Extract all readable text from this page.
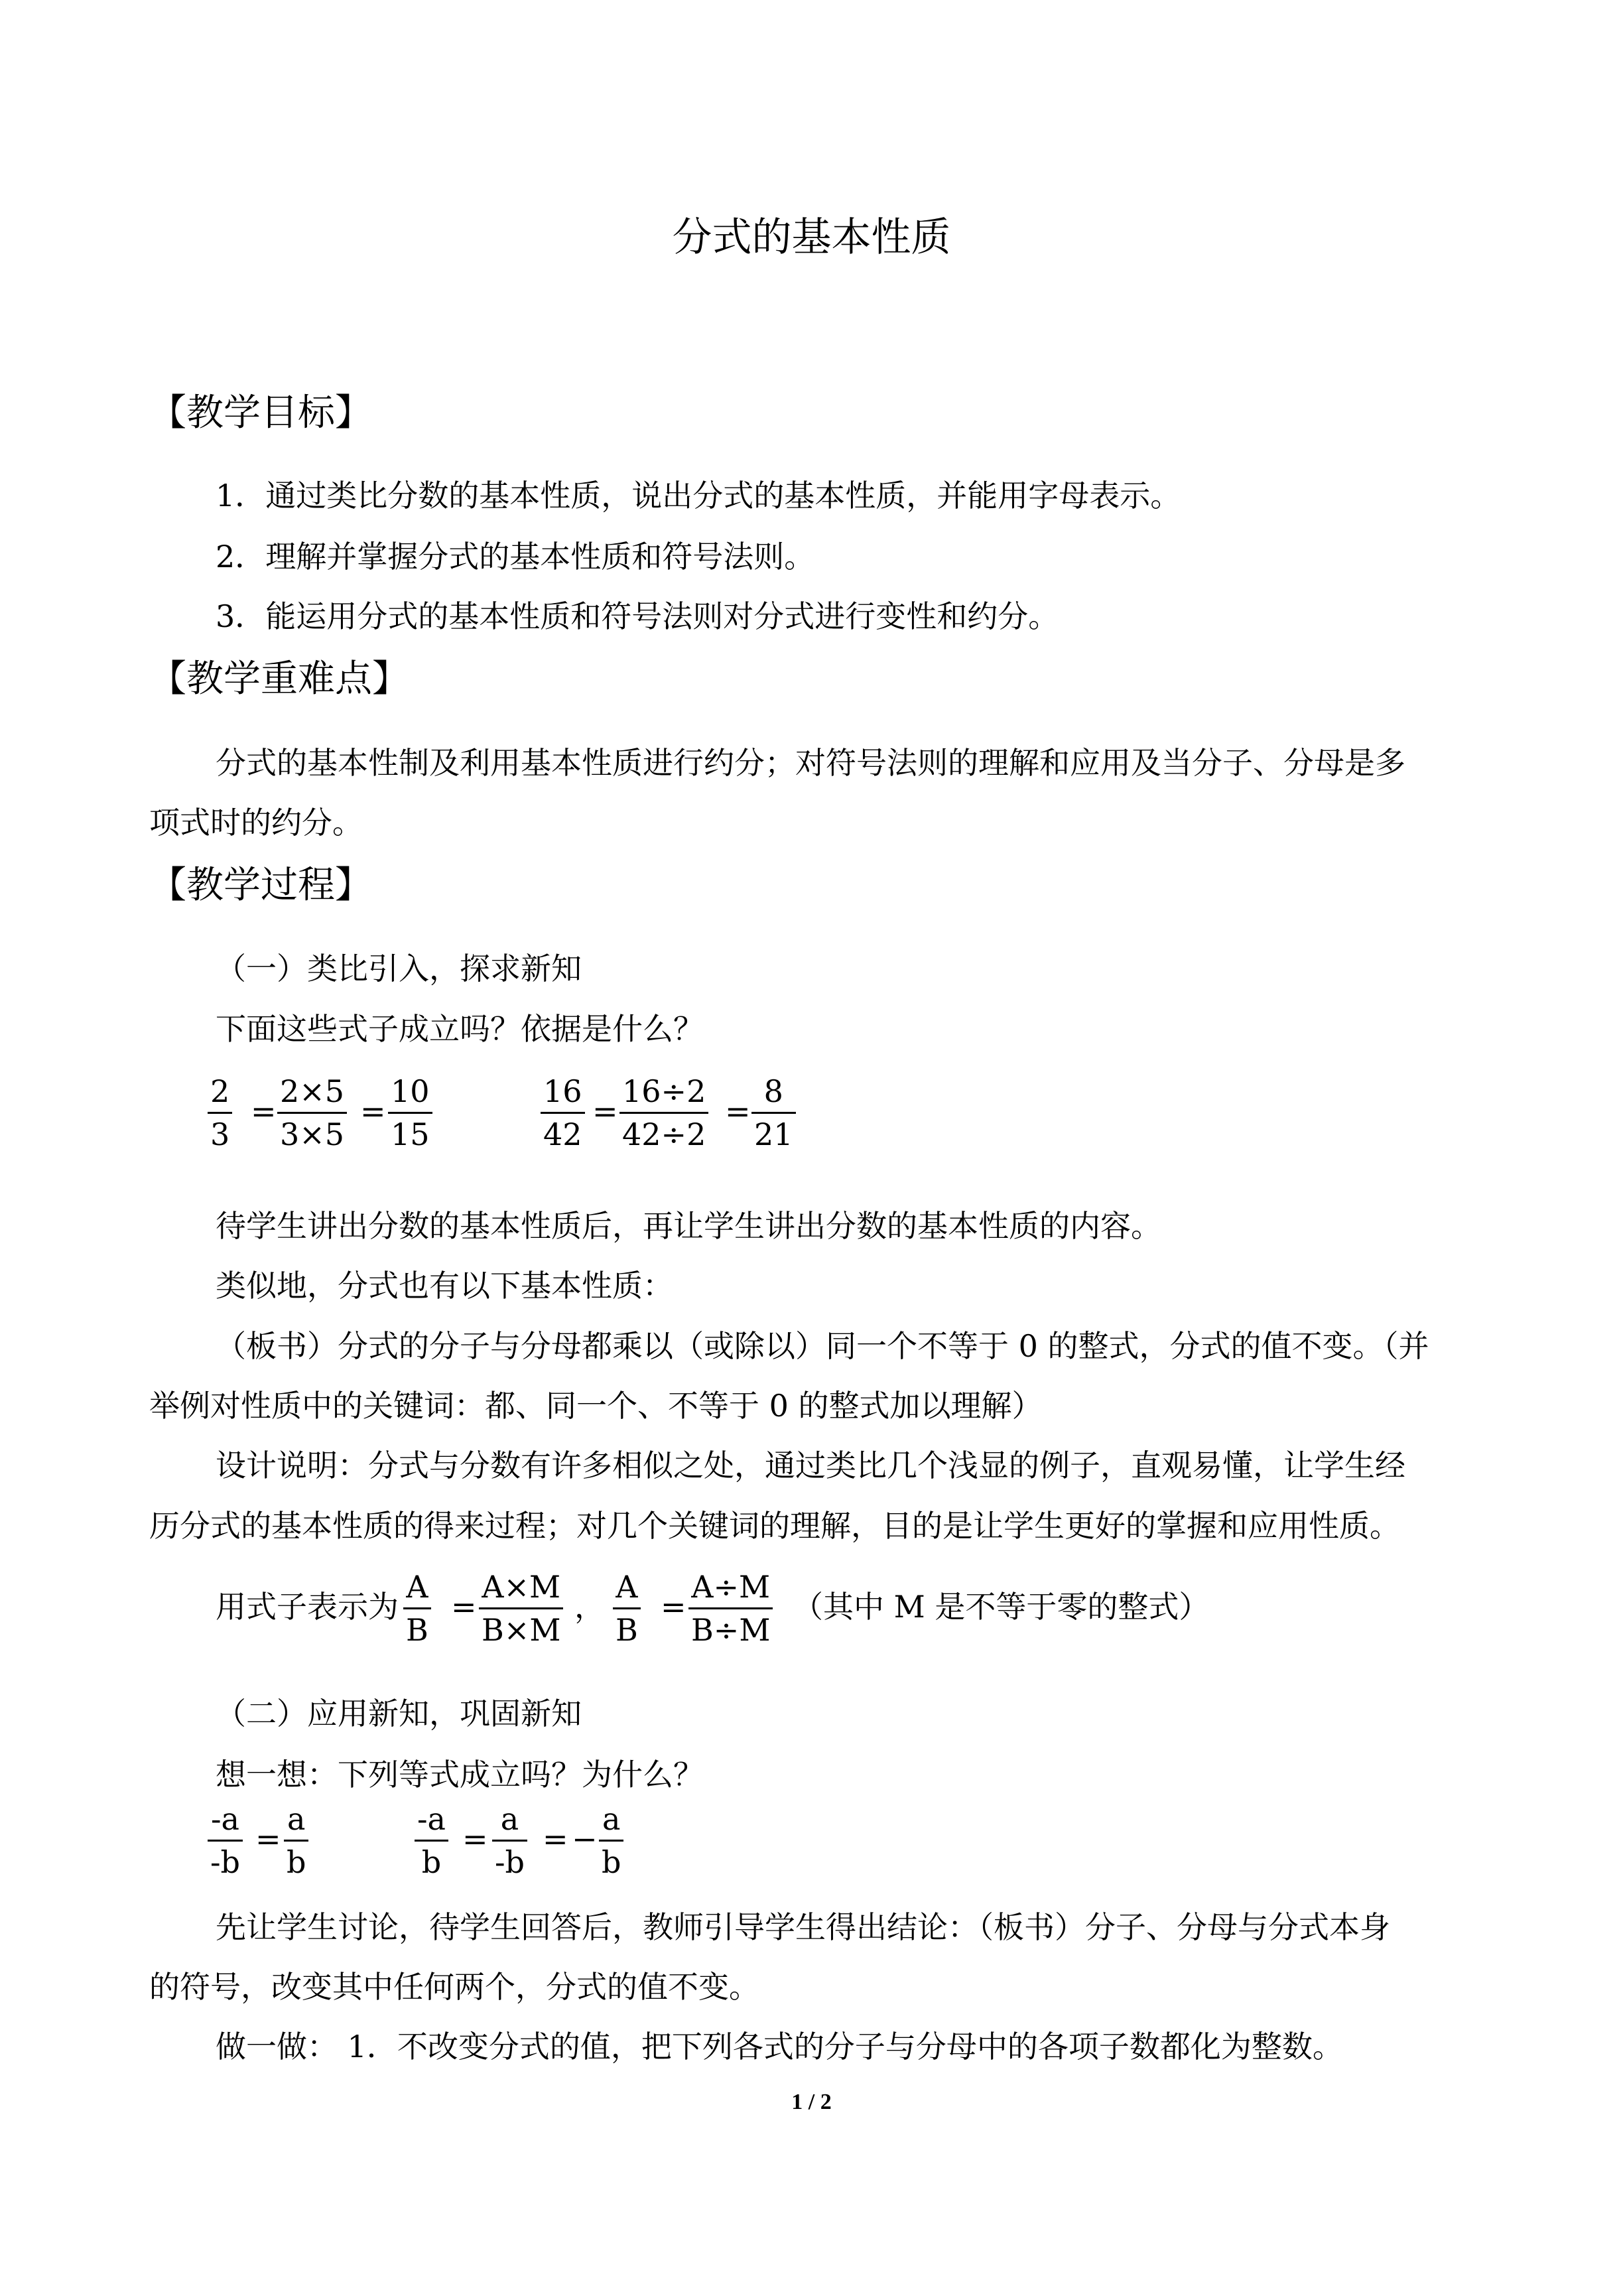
分式的基本性质
【教学目标】
1．通过类比分数的基本性质，说出分式的基本性质，并能用字母表示。
2．理解并掌握分式的基本性质和符号法则。
3．能运用分式的基本性质和符号法则对分式进行变性和约分。
【教学重难点】
分式的基本性制及利用基本性质进行约分；对符号法则的理解和应用及当分子、分母是多
项式时的约分。
【教学过程】
（一）类比引入，探求新知
下面这些式子成立吗？依据是什么？
2
3
=
2×5
3×5
=
10
15
16
42
=
16÷2
42÷2
=
8
21
待学生讲出分数的基本性质后，再让学生讲出分数的基本性质的内容。
类似地，分式也有以下基本性质：
（板书）分式的分子与分母都乘以（或除以）同一个不等于 0 的整式，分式的值不变。（并
举例对性质中的关键词：都、同一个、不等于 0 的整式加以理解）
设计说明：分式与分数有许多相似之处，通过类比几个浅显的例子，直观易懂，让学生经
历分式的基本性质的得来过程；对几个关键词的理解，目的是让学生更好的掌握和应用性质。
用式子表示为
A
B
=
A×M
B×M
，
A
B
=
A÷M
B÷M
（其中 M 是不等于零的整式）
（二）应用新知，巩固新知
想一想：下列等式成立吗？为什么？
-a
-b
=
a
b
-a
b
=
a
-b
= −
a
b
先让学生讨论，待学生回答后，教师引导学生得出结论：（板书）分子、分母与分式本身
的符号，改变其中任何两个，分式的值不变。
做一做： 1．不改变分式的值，把下列各式的分子与分母中的各项子数都化为整数。
1 / 2
